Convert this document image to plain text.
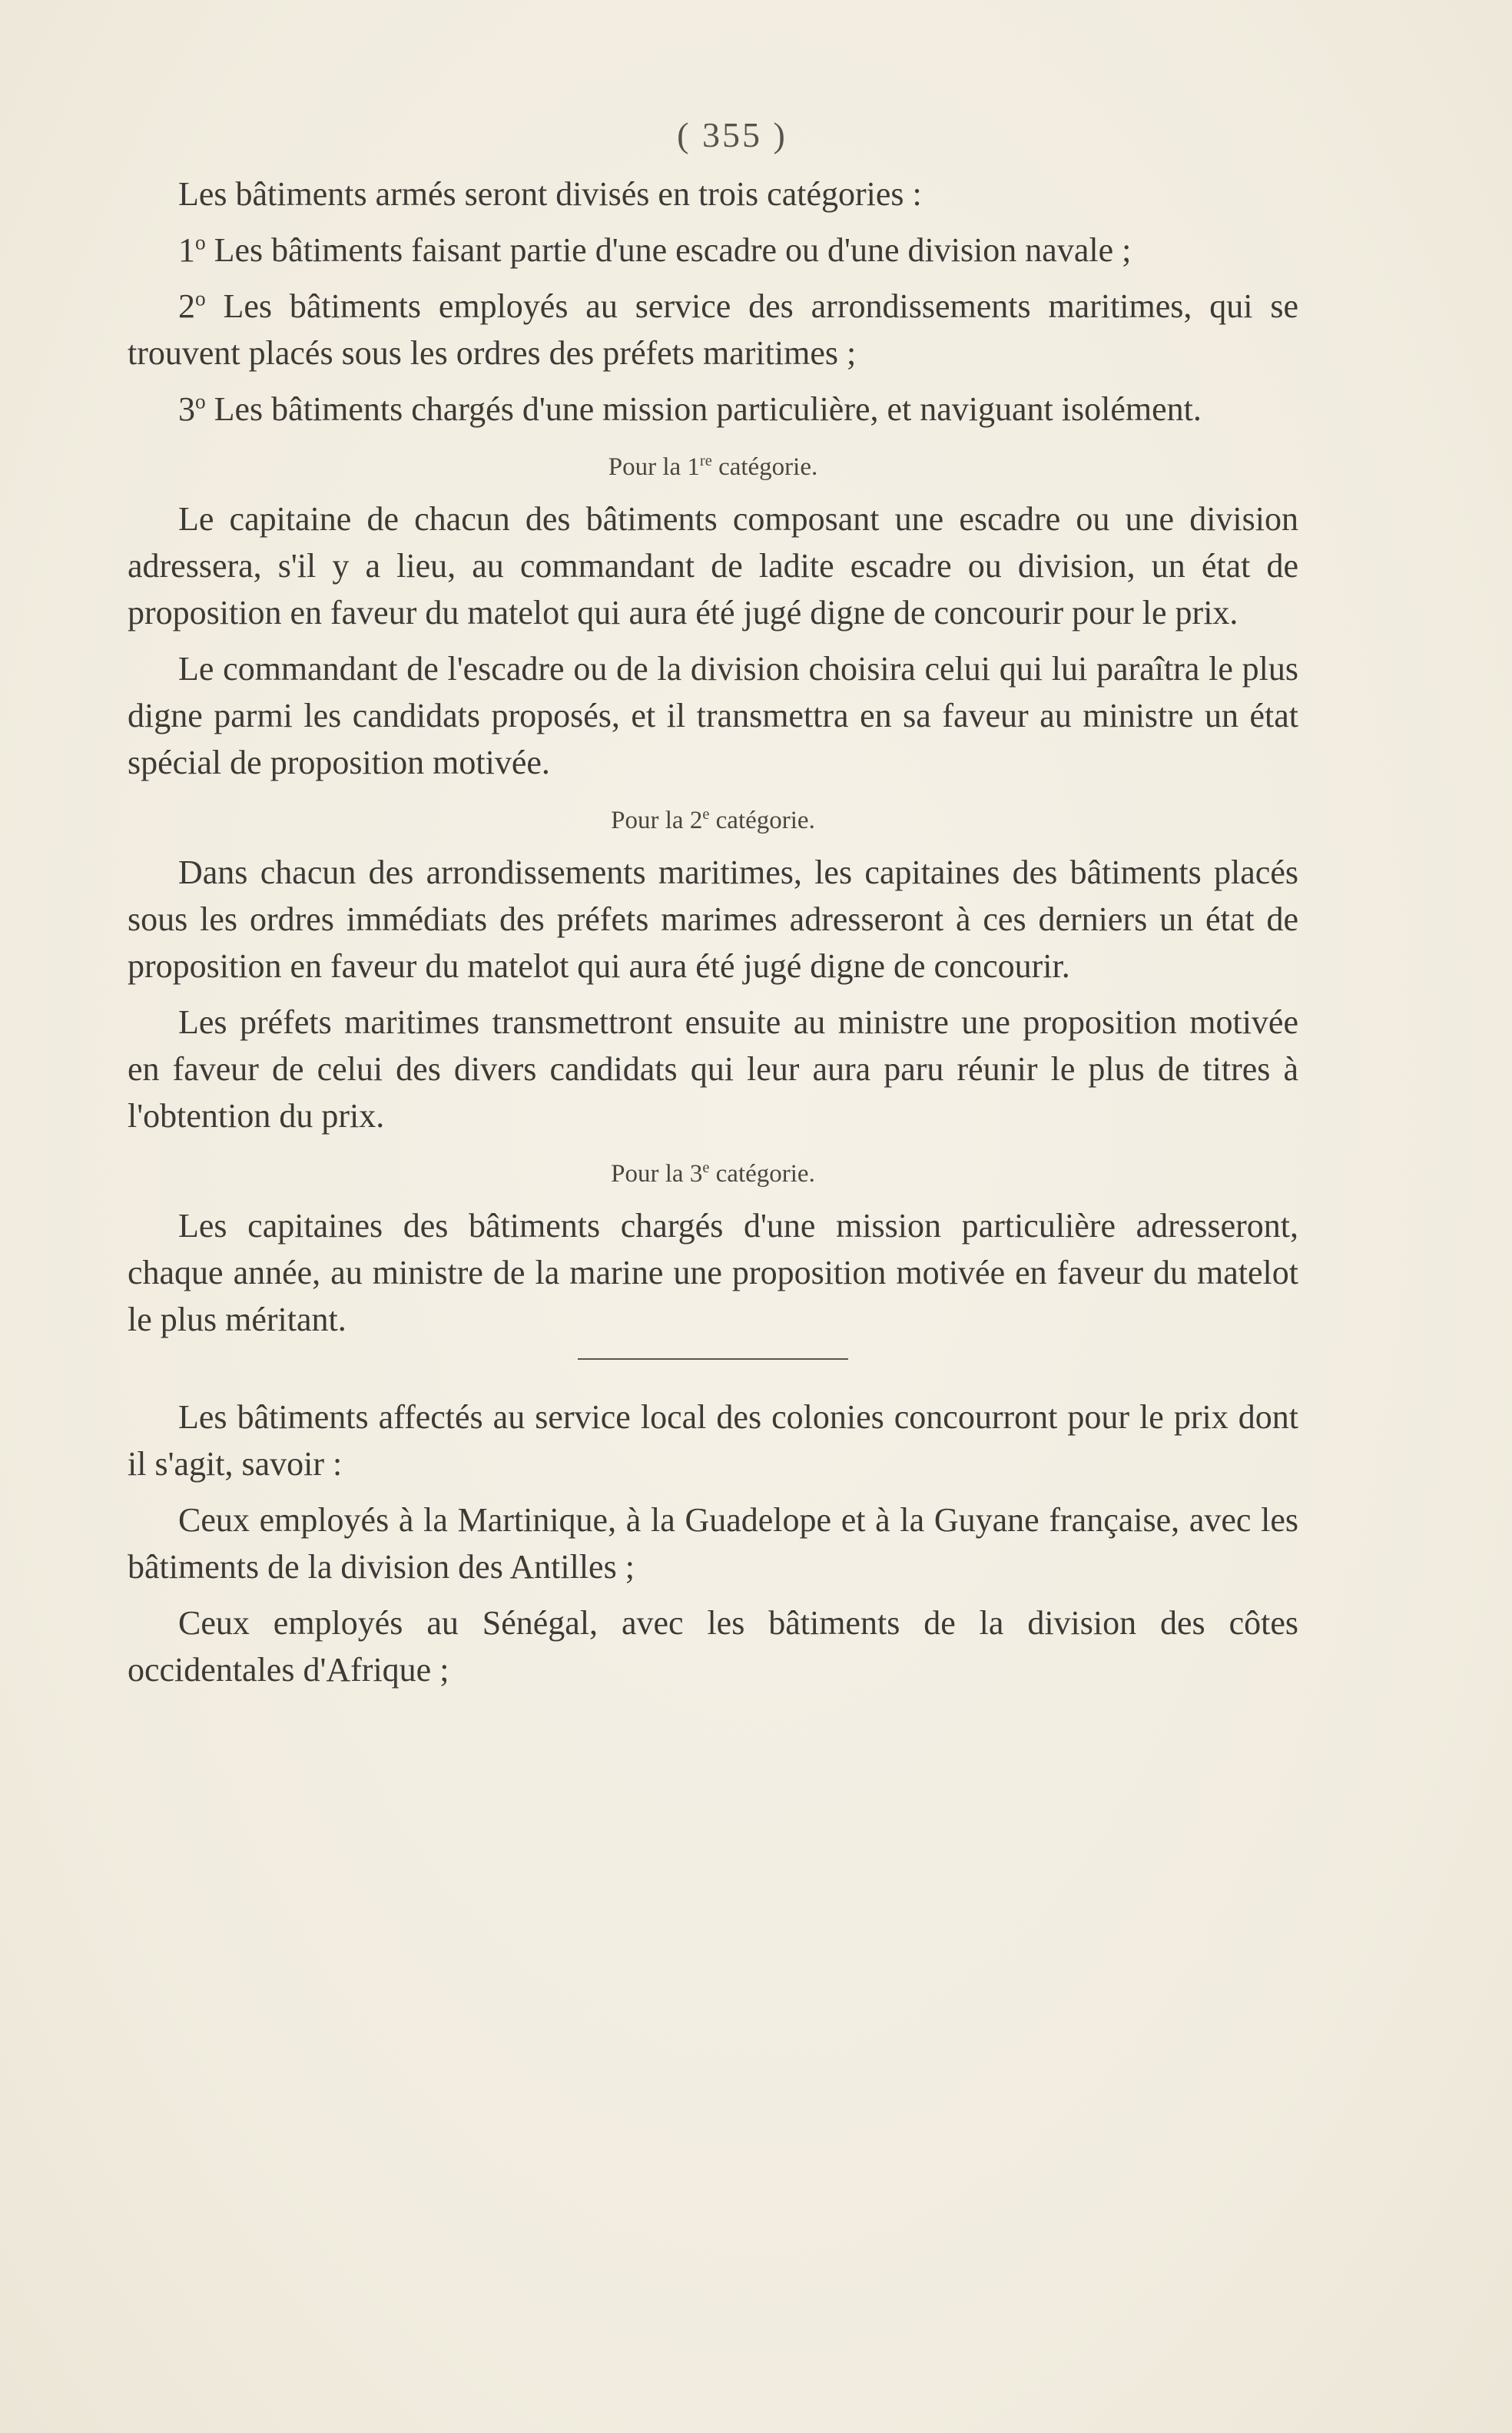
( 355 )

Les bâtiments armés seront divisés en trois catégories :

1$^o$ Les bâtiments faisant partie d'une escadre ou d'une division navale ;

2$^o$ Les bâtiments employés au service des arrondissements maritimes, qui se trouvent placés sous les ordres des préfets maritimes ;

3$^o$ Les bâtiments chargés d'une mission particulière, et naviguant isolément.

Pour la 1re catégorie.

Le capitaine de chacun des bâtiments composant une escadre ou une division adressera, s'il y a lieu, au commandant de ladite escadre ou division, un état de proposition en faveur du matelot qui aura été jugé digne de concourir pour le prix.

Le commandant de l'escadre ou de la division choisira celui qui lui paraîtra le plus digne parmi les candidats proposés, et il transmettra en sa faveur au ministre un état spécial de proposition motivée.

Pour la 2e catégorie.

Dans chacun des arrondissements maritimes, les capitaines des bâtiments placés sous les ordres immédiats des préfets marimes adresseront à ces derniers un état de proposition en faveur du matelot qui aura été jugé digne de concourir.

Les préfets maritimes transmettront ensuite au ministre une proposition motivée en faveur de celui des divers candidats qui leur aura paru réunir le plus de titres à l'obtention du prix.

Pour la 3e catégorie.

Les capitaines des bâtiments chargés d'une mission particulière adresseront, chaque année, au ministre de la marine une proposition motivée en faveur du matelot le plus méritant.

Les bâtiments affectés au service local des colonies concourront pour le prix dont il s'agit, savoir :

Ceux employés à la Martinique, à la Guadelope et à la Guyane française, avec les bâtiments de la division des Antilles ;

Ceux employés au Sénégal, avec les bâtiments de la division des côtes occidentales d'Afrique ;
